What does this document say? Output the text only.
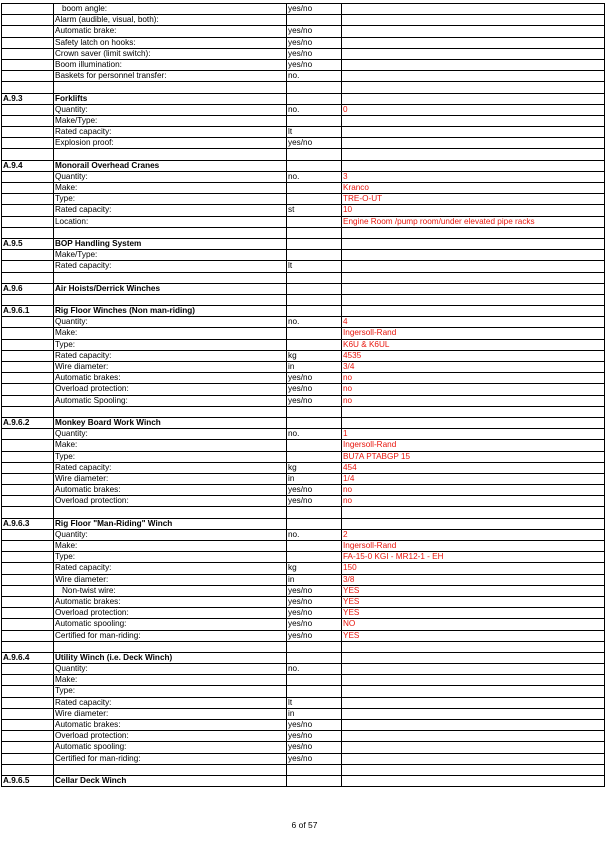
	boom angle:	yes/no	
	Alarm (audible, visual, both):		
	Automatic brake:	yes/no	
	Safety latch on hooks:	yes/no	
	Crown saver (limit switch):	yes/no	
	Boom illumination:	yes/no	
	Baskets for personnel transfer:	no.	

A.9.3	Forklifts		
	Quantity:	no.	0
	Make/Type:		
	Rated capacity:	lt	
	Explosion proof:	yes/no	

A.9.4	Monorail Overhead Cranes		
	Quantity:	no.	3
	Make:		Kranco
	Type:		TRE-O-UT
	Rated capacity:	st	10
	Location:		Engine Room /pump room/under elevated pipe racks

A.9.5	BOP Handling System		
	Make/Type:		
	Rated capacity:	lt	

A.9.6	Air Hoists/Derrick Winches		

A.9.6.1	Rig Floor Winches (Non man-riding)		
	Quantity:	no.	4
	Make:		Ingersoll-Rand
	Type:		K6U & K6UL
	Rated capacity:	kg	4535
	Wire diameter:	in	3/4
	Automatic brakes:	yes/no	no
	Overload protection:	yes/no	no
	Automatic Spooling:	yes/no	no

A.9.6.2	Monkey Board Work Winch		
	Quantity:	no.	1
	Make:		Ingersoll-Rand
	Type:		BU7A PTABGP 15
	Rated capacity:	kg	454
	Wire diameter:	in	1/4
	Automatic brakes:	yes/no	no
	Overload protection:	yes/no	no

A.9.6.3	Rig Floor "Man-Riding" Winch		
	Quantity:	no.	2
	Make:		Ingersoll-Rand
	Type:		FA-15-0 KGI - MR12-1 - EH
	Rated capacity:	kg	150
	Wire diameter:	in	3/8
	Non-twist wire:	yes/no	YES
	Automatic brakes:	yes/no	YES
	Overload protection:	yes/no	YES
	Automatic spooling:	yes/no	NO
	Certified for man-riding:	yes/no	YES

A.9.6.4	Utility Winch (i.e. Deck Winch)		
	Quantity:	no.	
	Make:		
	Type:		
	Rated capacity:	lt	
	Wire diameter:	in	
	Automatic brakes:	yes/no	
	Overload protection:	yes/no	
	Automatic spooling:	yes/no	
	Certified for man-riding:	yes/no	

A.9.6.5	Cellar Deck Winch		
6 of 57
